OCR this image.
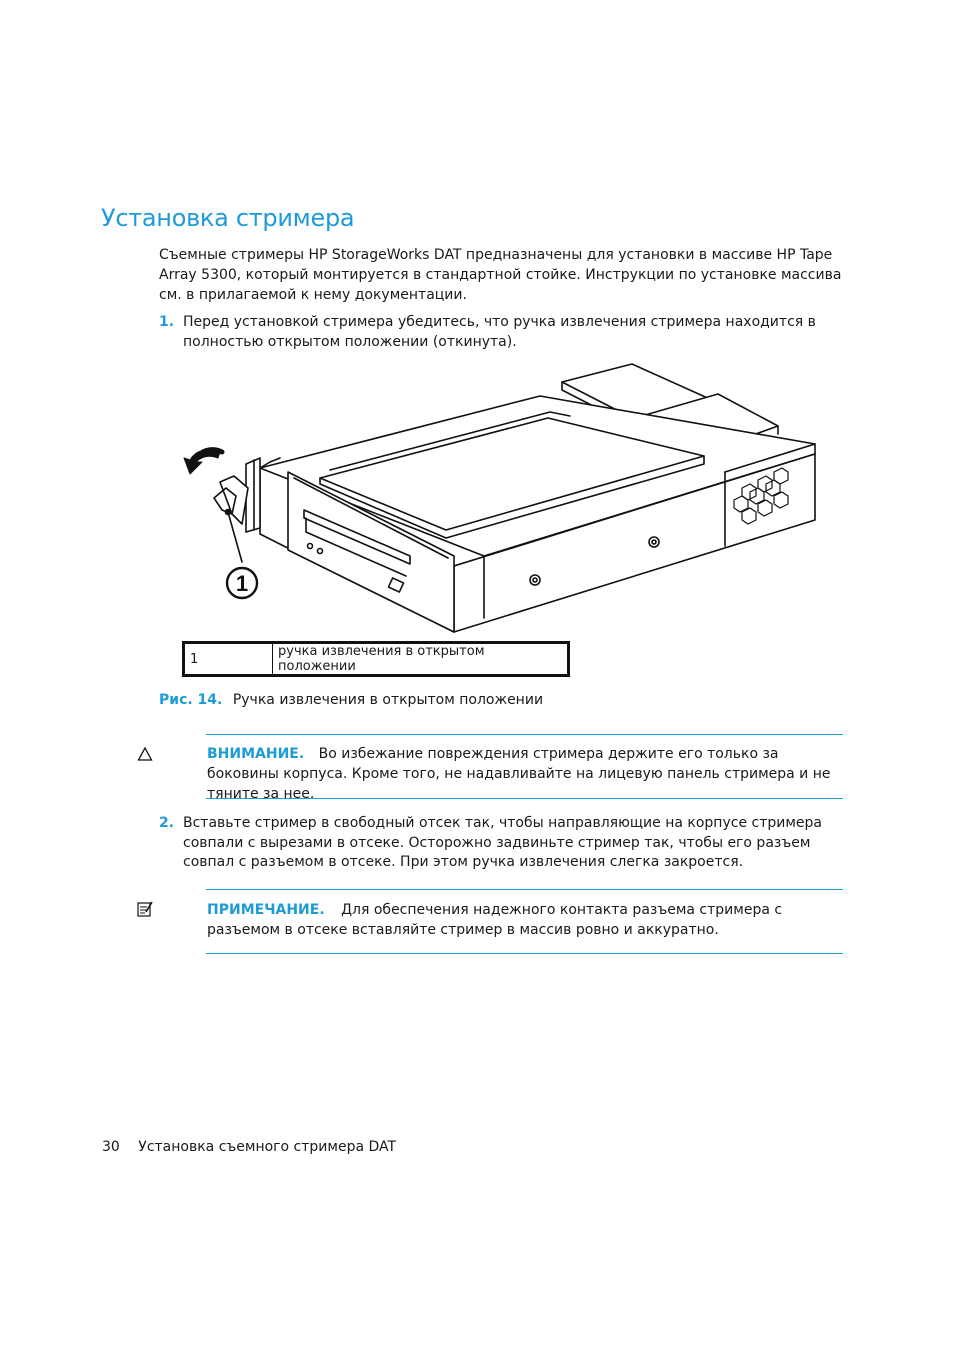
Установка стримера
Съемные стримеры HP StorageWorks DAT предназначены для установки в массиве HP Tape Array 5300, который монтируется в стандартной стойке. Инструкции по установке массива см. в прилагаемой к нему документации.
1. Перед установкой стримера убедитесь, что ручка извлечения стримера находится в полностью открытом положении (откинута).
1
1	ручка извлечения в открытом положении
Рис. 14. Ручка извлечения в открытом положении
ВНИМАНИЕ. Во избежание повреждения стримера держите его только за боковины корпуса. Кроме того, не надавливайте на лицевую панель стримера и не тяните за нее.
2. Вставьте стример в свободный отсек так, чтобы направляющие на корпусе стримера совпали с вырезами в отсеке. Осторожно задвиньте стример так, чтобы его разъем совпал с разъемом в отсеке. При этом ручка извлечения слегка закроется.
ПРИМЕЧАНИЕ. Для обеспечения надежного контакта разъема стримера с разъемом в отсеке вставляйте стример в массив ровно и аккуратно.
30 Установка съемного стримера DAT
